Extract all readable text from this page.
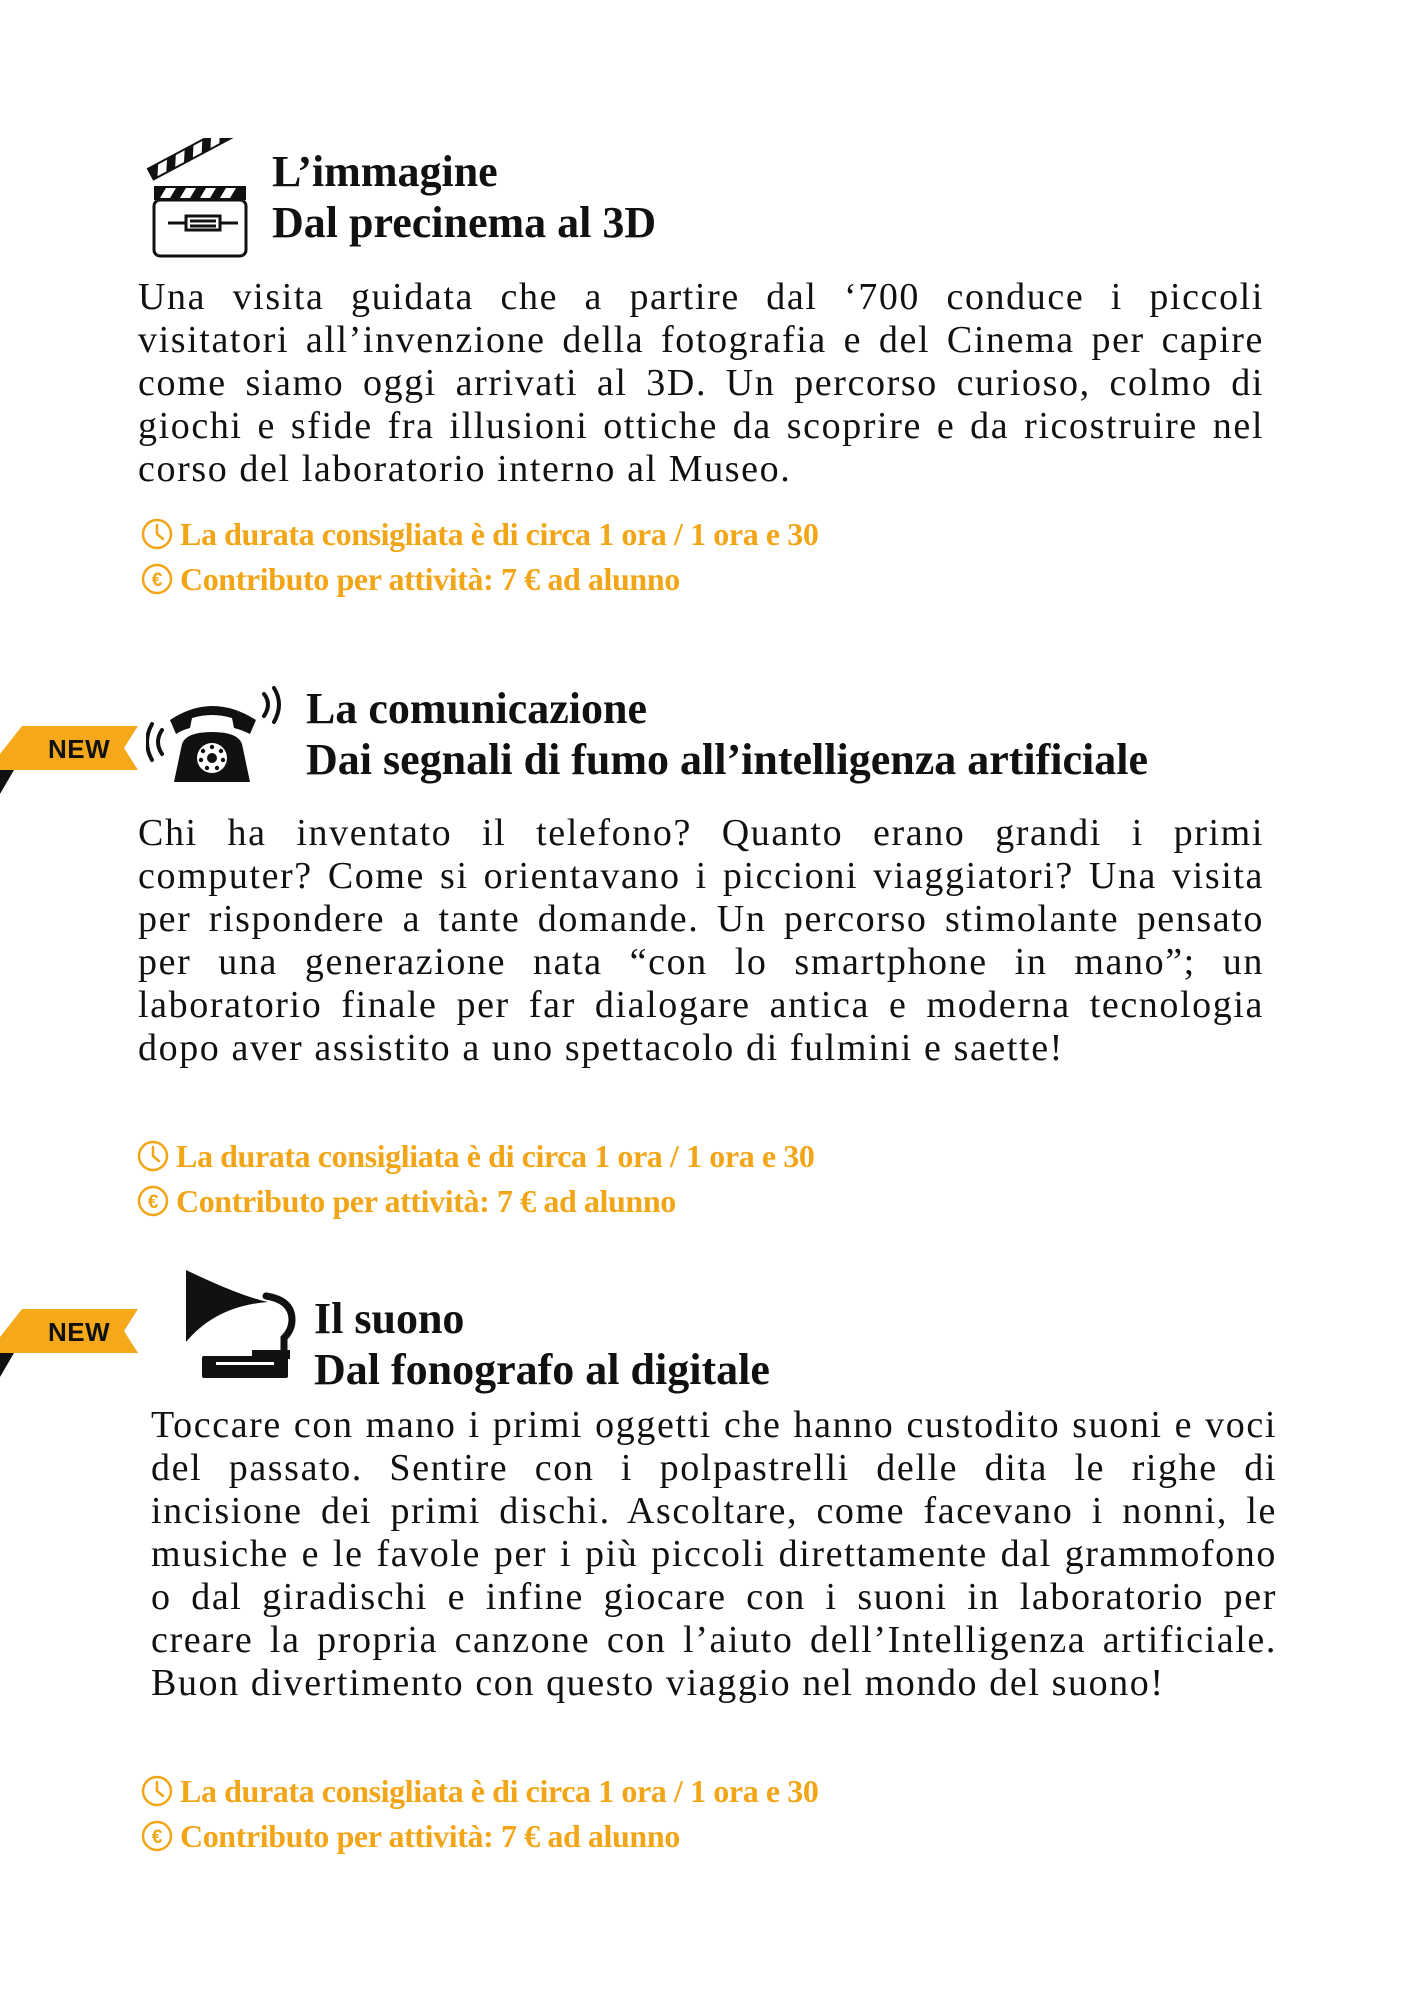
L’immagine
Dal precinema al 3D

Una visita guidata che a partire dal ‘700 conduce i piccoli visitatori all’invenzione della fotografia e del Cinema per capire come siamo oggi arrivati al 3D. Un percorso curioso, colmo di giochi e sfide fra illusioni ottiche da scoprire e da ricostruire nel corso del laboratorio interno al Museo.

La durata consigliata è di circa 1 ora / 1 ora e 30
€ Contributo per attività: 7 € ad alunno
NEW
La comunicazione
Dai segnali di fumo all’intelligenza artificiale

Chi ha inventato il telefono? Quanto erano grandi i primi computer? Come si orientavano i piccioni viaggiatori? Una visita per rispondere a tante domande. Un percorso stimolante pensato per una generazione nata “con lo smartphone in mano”; un laboratorio finale per far dialogare antica e moderna tecnologia dopo aver assistito a uno spettacolo di fulmini e saette!

La durata consigliata è di circa 1 ora / 1 ora e 30
€ Contributo per attività: 7 € ad alunno
NEW	Il suono
Dal fonografo al digitale

Toccare con mano i primi oggetti che hanno custodito suoni e voci del passato. Sentire con i polpastrelli delle dita le righe di incisione dei primi dischi. Ascoltare, come facevano i nonni, le musiche e le favole per i più piccoli direttamente dal grammofono o dal giradischi e infine giocare con i suoni in laboratorio per creare la propria canzone con l’aiuto dell’Intelligenza artificiale. Buon divertimento con questo viaggio nel mondo del suono!

La durata consigliata è di circa 1 ora / 1 ora e 30
€ Contributo per attività: 7 € ad alunno
